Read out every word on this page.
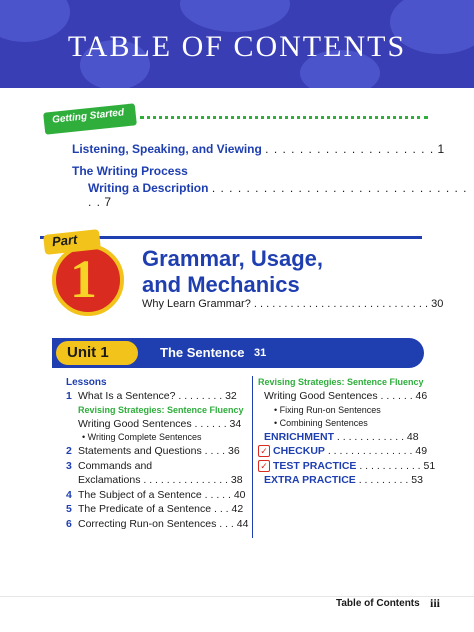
TABLE OF CONTENTS
Getting Started
Listening, Speaking, and Viewing . . . . . . . . . . . . . . . . . . . . 1
The Writing Process
Writing a Description . . . . . . . . . . . . . . . . . . . . . . . . . . . . . . . . 7
1
Part
Grammar, Usage,
and Mechanics
Why Learn Grammar? . . . . . . . . . . . . . . . . . . . . . . . . . . . . . 30
Unit 1	The Sentence 31
Lessons
1 What Is a Sentence? . . . . . . . . 32
Revising Strategies: Sentence Fluency
Writing Good Sentences . . . . . . 34
• Writing Complete Sentences
2 Statements and Questions . . . . 36
3 Commands and
Exclamations . . . . . . . . . . . . . . . 38
4 The Subject of a Sentence . . . . . 40
5 The Predicate of a Sentence . . . 42
6 Correcting Run-on Sentences . . . 44
Revising Strategies: Sentence Fluency
Writing Good Sentences . . . . . . 46
• Fixing Run-on Sentences
• Combining Sentences
ENRICHMENT . . . . . . . . . . . . 48
✓ CHECKUP . . . . . . . . . . . . . . . 49
✓ TEST PRACTICE . . . . . . . . . . . 51
EXTRA PRACTICE . . . . . . . . . 53
Table of Contents iii
